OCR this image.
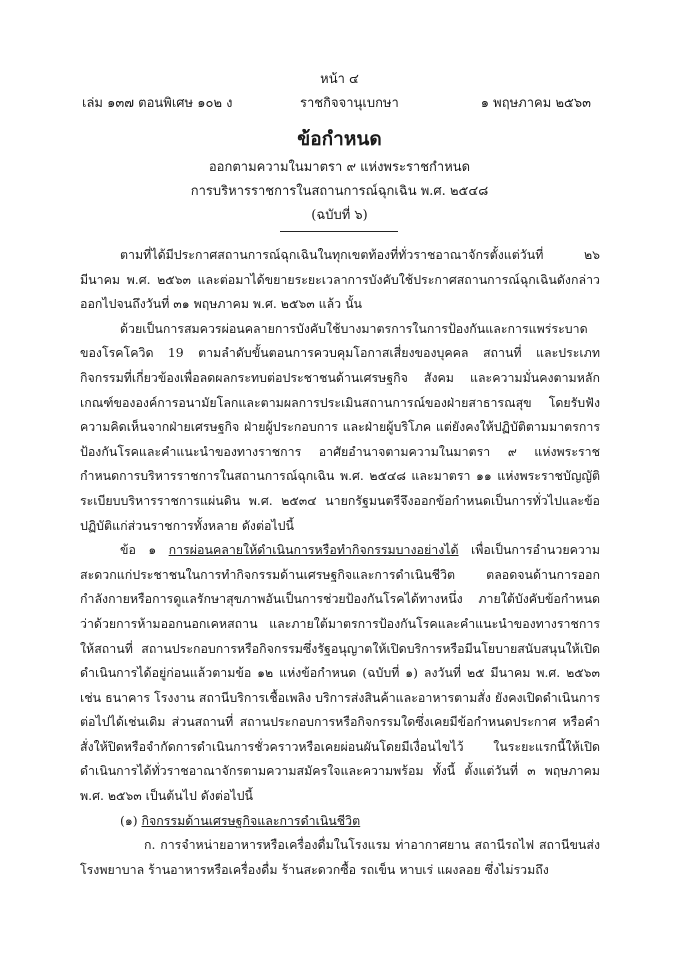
หน้า ๔
เล่ม ๑๓๗ ตอนพิเศษ ๑๐๒ ง	ราชกิจจานุเบกษา	๑ พฤษภาคม ๒๕๖๓
ข้อกำหนด
ออกตามความในมาตรา ๙ แห่งพระราชกำหนด
การบริหารราชการในสถานการณ์ฉุกเฉิน พ.ศ. ๒๕๔๘
(ฉบับที่ ๖)

ตามที่ได้มีประกาศสถานการณ์ฉุกเฉินในทุกเขตท้องที่ทั่วราชอาณาจักรตั้งแต่วันที่ ๒๖ มีนาคม พ.ศ. ๒๕๖๓ และต่อมาได้ขยายระยะเวลาการบังคับใช้ประกาศสถานการณ์ฉุกเฉินดังกล่าวออกไปจนถึงวันที่ ๓๑ พฤษภาคม พ.ศ. ๒๕๖๓ แล้ว นั้น

ด้วยเป็นการสมควรผ่อนคลายการบังคับใช้บางมาตรการในการป้องกันและการแพร่ระบาดของโรคโควิด 19 ตามลำดับขั้นตอนการควบคุมโอกาสเสี่ยงของบุคคล สถานที่ และประเภทกิจกรรมที่เกี่ยวข้องเพื่อลดผลกระทบต่อประชาชนด้านเศรษฐกิจ สังคม และความมั่นคงตามหลักเกณฑ์ขององค์การอนามัยโลกและตามผลการประเมินสถานการณ์ของฝ่ายสาธารณสุข โดยรับฟังความคิดเห็นจากฝ่ายเศรษฐกิจ ฝ่ายผู้ประกอบการ และฝ่ายผู้บริโภค แต่ยังคงให้ปฏิบัติตามมาตรการป้องกันโรคและคำแนะนำของทางราชการ อาศัยอำนาจตามความในมาตรา ๙ แห่งพระราชกำหนดการบริหารราชการในสถานการณ์ฉุกเฉิน พ.ศ. ๒๕๔๘ และมาตรา ๑๑ แห่งพระราชบัญญัติระเบียบบริหารราชการแผ่นดิน พ.ศ. ๒๕๓๔ นายกรัฐมนตรีจึงออกข้อกำหนดเป็นการทั่วไปและข้อปฏิบัติแก่ส่วนราชการทั้งหลาย ดังต่อไปนี้

ข้อ ๑ การผ่อนคลายให้ดำเนินการหรือทำกิจกรรมบางอย่างได้ เพื่อเป็นการอำนวยความสะดวกแก่ประชาชนในการทำกิจกรรมด้านเศรษฐกิจและการดำเนินชีวิต ตลอดจนด้านการออกกำลังกายหรือการดูแลรักษาสุขภาพอันเป็นการช่วยป้องกันโรคได้ทางหนึ่ง ภายใต้บังคับข้อกำหนดว่าด้วยการห้ามออกนอกเคหสถาน และภายใต้มาตรการป้องกันโรคและคำแนะนำของทางราชการให้สถานที่ สถานประกอบการหรือกิจกรรมซึ่งรัฐอนุญาตให้เปิดบริการหรือมีนโยบายสนับสนุนให้เปิดดำเนินการได้อยู่ก่อนแล้วตามข้อ ๑๒ แห่งข้อกำหนด (ฉบับที่ ๑) ลงวันที่ ๒๕ มีนาคม พ.ศ. ๒๕๖๓ เช่น ธนาคาร โรงงาน สถานีบริการเชื้อเพลิง บริการส่งสินค้าและอาหารตามสั่ง ยังคงเปิดดำเนินการต่อไปได้เช่นเดิม ส่วนสถานที่ สถานประกอบการหรือกิจกรรมใดซึ่งเคยมีข้อกำหนดประกาศ หรือคำสั่งให้ปิดหรือจำกัดการดำเนินการชั่วคราวหรือเคยผ่อนผันโดยมีเงื่อนไขไว้ ในระยะแรกนี้ให้เปิดดำเนินการได้ทั่วราชอาณาจักรตามความสมัครใจและความพร้อม ทั้งนี้ ตั้งแต่วันที่ ๓ พฤษภาคม พ.ศ. ๒๕๖๓ เป็นต้นไป ดังต่อไปนี้

(๑) กิจกรรมด้านเศรษฐกิจและการดำเนินชีวิต

ก. การจำหน่ายอาหารหรือเครื่องดื่มในโรงแรม ท่าอากาศยาน สถานีรถไฟ สถานีขนส่ง โรงพยาบาล ร้านอาหารหรือเครื่องดื่ม ร้านสะดวกซื้อ รถเข็น หาบเร่ แผงลอย ซึ่งไม่รวมถึง
